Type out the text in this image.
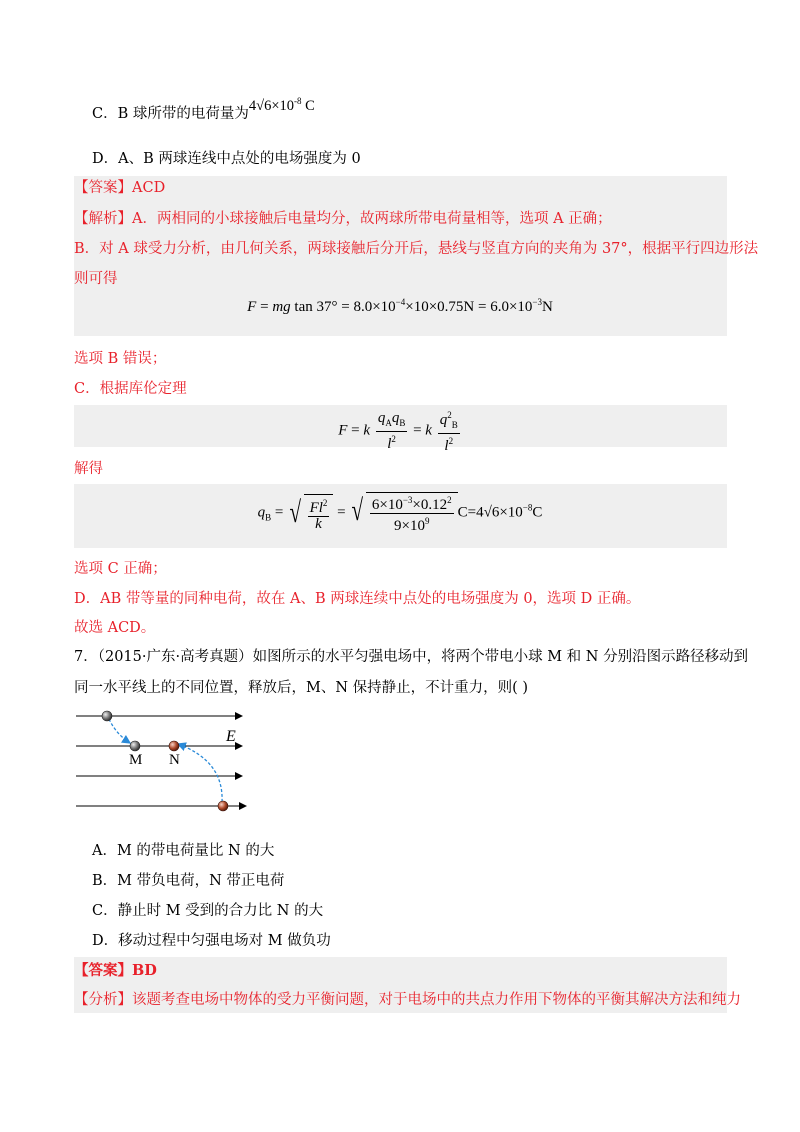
C．B 球所带的电荷量为$4√6\times 10^{-8}$ C
D．A、B 两球连线中点处的电场强度为 0
【答案】ACD
【解析】A．两相同的小球接触后电量均分，故两球所带电荷量相等，选项 A 正确；
B．对 A 球受力分析，由几何关系，两球接触后分开后，悬线与竖直方向的夹角为 37°，根据平行四边形法
则可得
F = mg $\tan 37^\circ = 8.0\times 10^{-4}\times 10\times 0.75N = 6.0\times 10^{-3}N$
选项 B 错误；
C．根据库伦定理
F = k $\frac{q_Aq_B}{l^2} = k \frac{q^2_B}{l^2}$
解得
$q_B$ = √ $\frac{Fl^2}{k}$ = √ $\frac{6\times 10^{-3}\times 0.12^2}{9\times 10^9} C=4√6\times 10^{-8}C$
选项 C 正确；
D．AB 带等量的同种电荷，故在 A、B 两球连续中点处的电场强度为 0，选项 D 正确。
故选 ACD。
7．（2015·广东·高考真题）如图所示的水平匀强电场中，将两个带电小球 M 和 N 分别沿图示路径移动到
同一水平线上的不同位置，释放后，M、N 保持静止，不计重力，则( )
E
M N
A．M 的带电荷量比 N 的大
B．M 带负电荷，N 带正电荷
C．静止时 M 受到的合力比 N 的大
D．移动过程中匀强电场对 M 做负功
【答案】BD
【分析】该题考查电场中物体的受力平衡问题，对于电场中的共点力作用下物体的平衡其解决方法和纯力
